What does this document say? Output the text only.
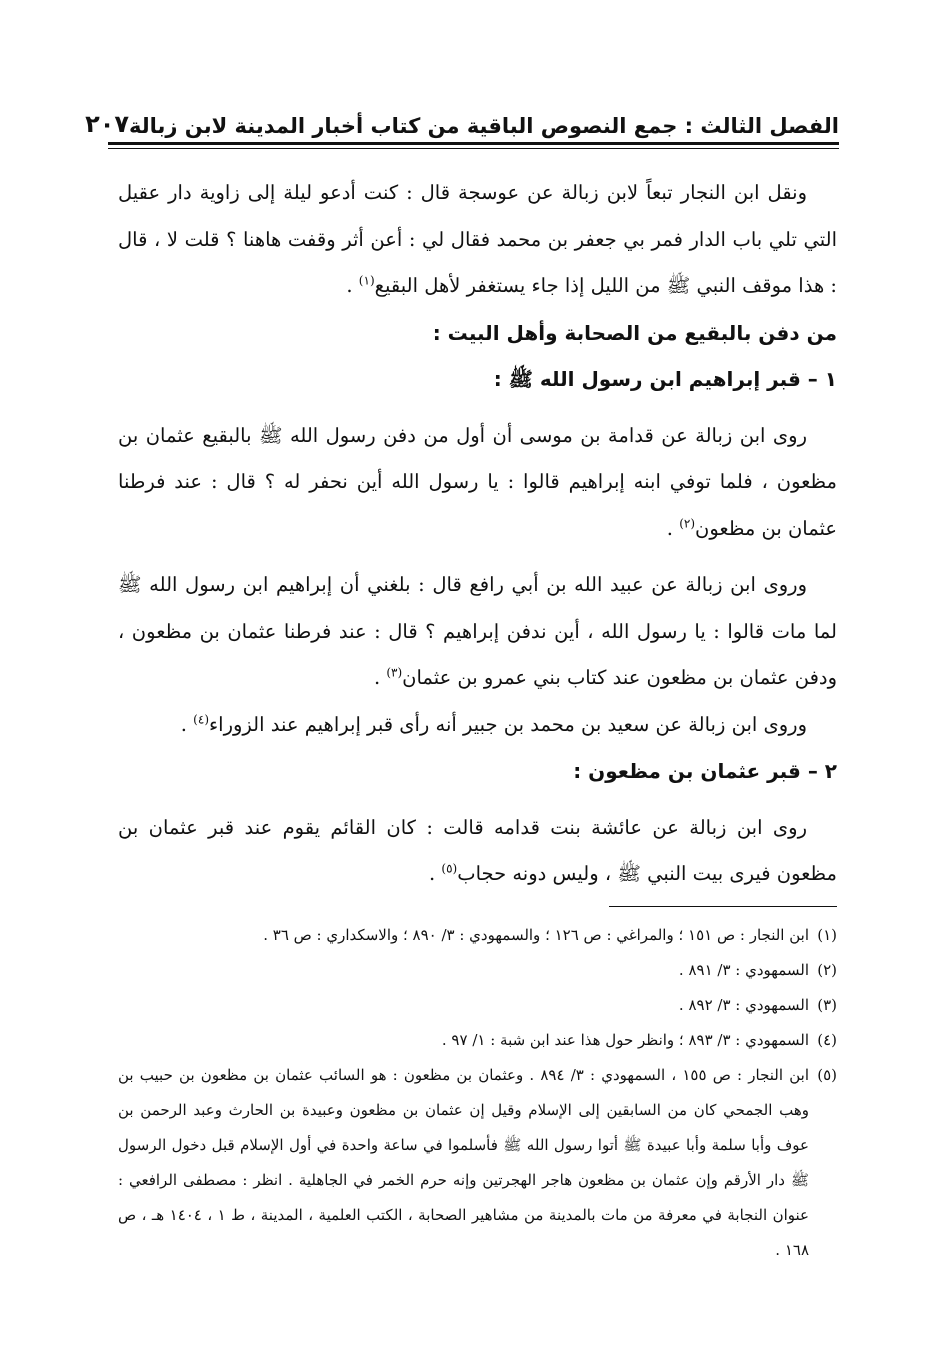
الفصل الثالث : جمع النصوص الباقية من كتاب أخبار المدينة لابن زبالة
٢٠٧

ونقل ابن النجار تبعاً لابن زبالة عن عوسجة قال : كنت أدعو ليلة إلى زاوية دار عقيل التي تلي باب الدار فمر بي جعفر بن محمد فقال لي : أعن أثر وقفت هاهنا ؟ قلت لا ، قال : هذا موقف النبي ﷺ من الليل إذا جاء يستغفر لأهل البقيع$^{(١)}$ .

من دفن بالبقيع من الصحابة وأهل البيت :
١ – قبر إبراهيم ابن رسول الله ﷺ :

روى ابن زبالة عن قدامة بن موسى أن أول من دفن رسول الله ﷺ بالبقيع عثمان بن مظعون ، فلما توفي ابنه إبراهيم قالوا : يا رسول الله أين نحفر له ؟ قال : عند فرطنا عثمان بن مظعون$^{(٢)}$ .

وروى ابن زبالة عن عبيد الله بن أبي رافع قال : بلغني أن إبراهيم ابن رسول الله ﷺ لما مات قالوا : يا رسول الله ، أين ندفن إبراهيم ؟ قال : عند فرطنا عثمان بن مظعون ، ودفن عثمان بن مظعون عند كتاب بني عمرو بن عثمان$^{(٣)}$ .

وروى ابن زبالة عن سعيد بن محمد بن جبير أنه رأى قبر إبراهيم عند الزوراء$^{(٤)}$ .

٢ – قبر عثمان بن مظعون :

روى ابن زبالة عن عائشة بنت قدامه قالت : كان القائم يقوم عند قبر عثمان بن مظعون فيرى بيت النبي ﷺ ، وليس دونه حجاب$^{(٥)}$ .

(١)
ابن النجار : ص ١٥١ ؛ والمراغي : ص ١٢٦ ؛ والسمهودي : ٣/ ٨٩٠ ؛ والاسكداري : ص ٣٦ .

(٢)
السمهودي : ٣/ ٨٩١ .

(٣)
السمهودي : ٣/ ٨٩٢ .

(٤)
السمهودي : ٣/ ٨٩٣ ؛ وانظر حول هذا عند ابن شبة : ١/ ٩٧ .

(٥)
ابن النجار : ص ١٥٥ ، السمهودي : ٣/ ٨٩٤ . وعثمان بن مظعون : هو السائب عثمان بن مظعون بن حبيب بن وهب الجمحي كان من السابقين إلى الإسلام وقيل إن عثمان بن مظعون وعبيدة بن الحارث وعبد الرحمن بن عوف وأبا سلمة وأبا عبيدة ﷺ أتوا رسول الله ﷺ فأسلموا في ساعة واحدة في أول الإسلام قبل دخول الرسول ﷺ دار الأرقم وإن عثمان بن مظعون هاجر الهجرتين وإنه حرم الخمر في الجاهلية . انظر : مصطفى الرافعي : عنوان النجابة في معرفة من مات بالمدينة من مشاهير الصحابة ، الكتب العلمية ، المدينة ، ط ١ ، ١٤٠٤ هـ ، ص ١٦٨ .
